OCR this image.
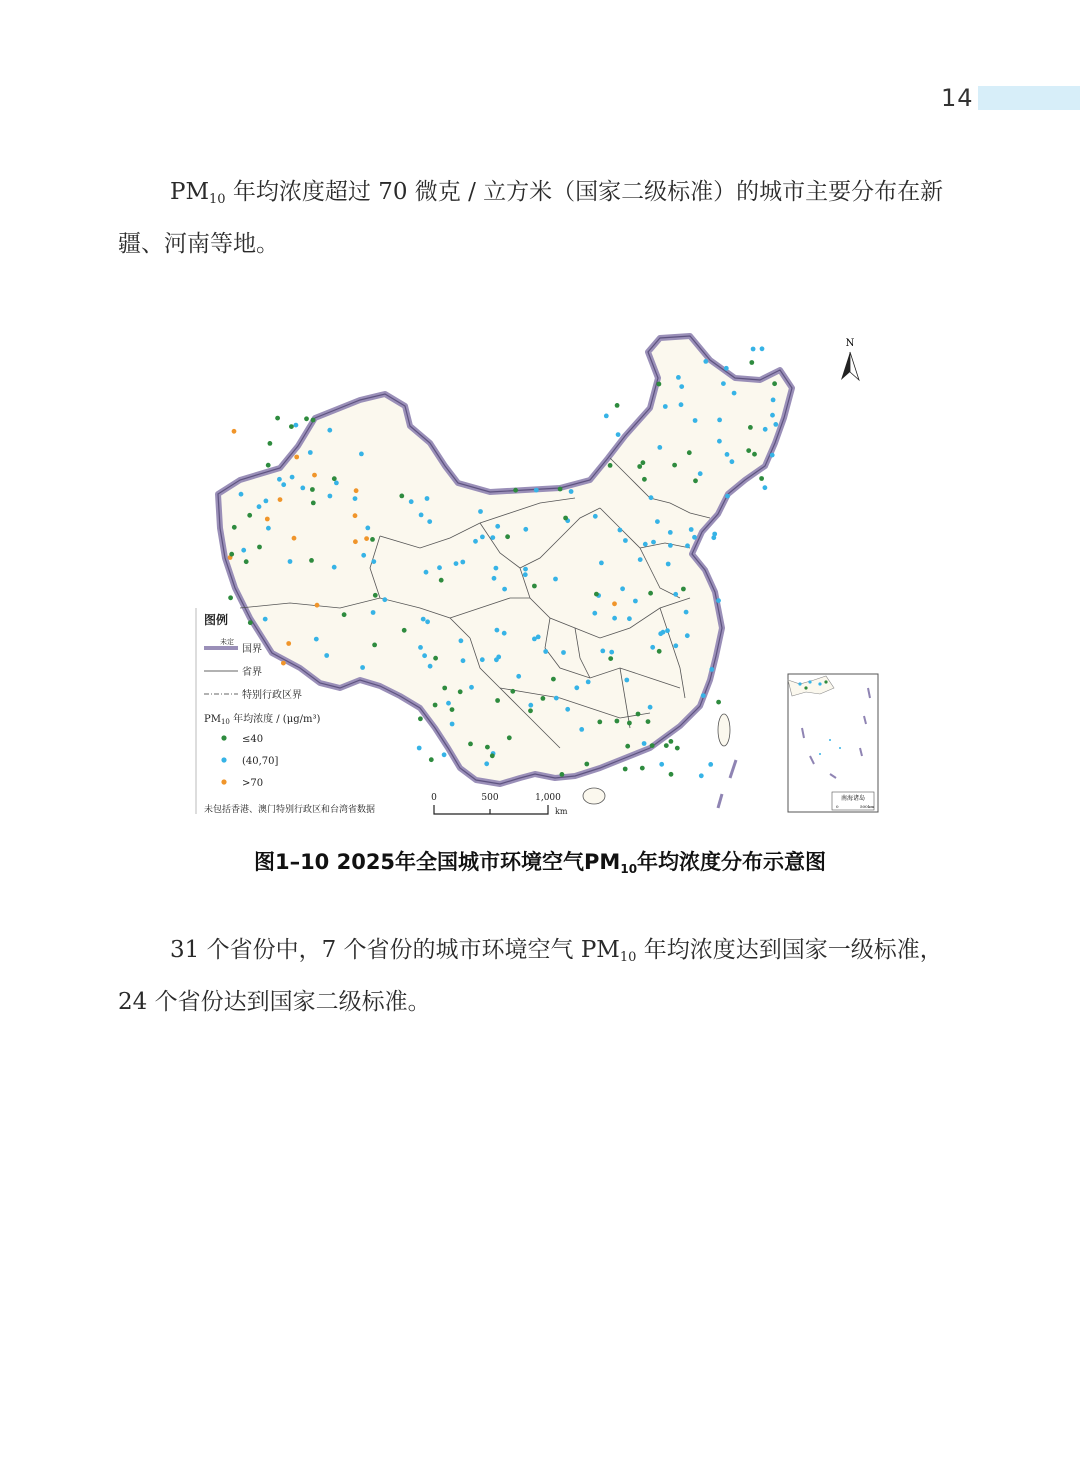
14
$PM_{10}$ 年均浓度超过 70 微克 / 立方米（国家二级标准）的城市主要分布在新疆、河南等地。
N
图例
未定
国界
省界
特别行政区界
$PM_{10}$ 年均浓度 / (μg/m³)
≤40
(40,70]
>70
未包括香港、澳门特别行政区和台湾省数据
0	500	1,000
km
南海诸岛
0	500 km
图1–10 2025年全国城市环境空气$PM_{10}$年均浓度分布示意图
31 个省份中，7 个省份的城市环境空气 $PM_{10}$ 年均浓度达到国家一级标准，24 个省份达到国家二级标准。
